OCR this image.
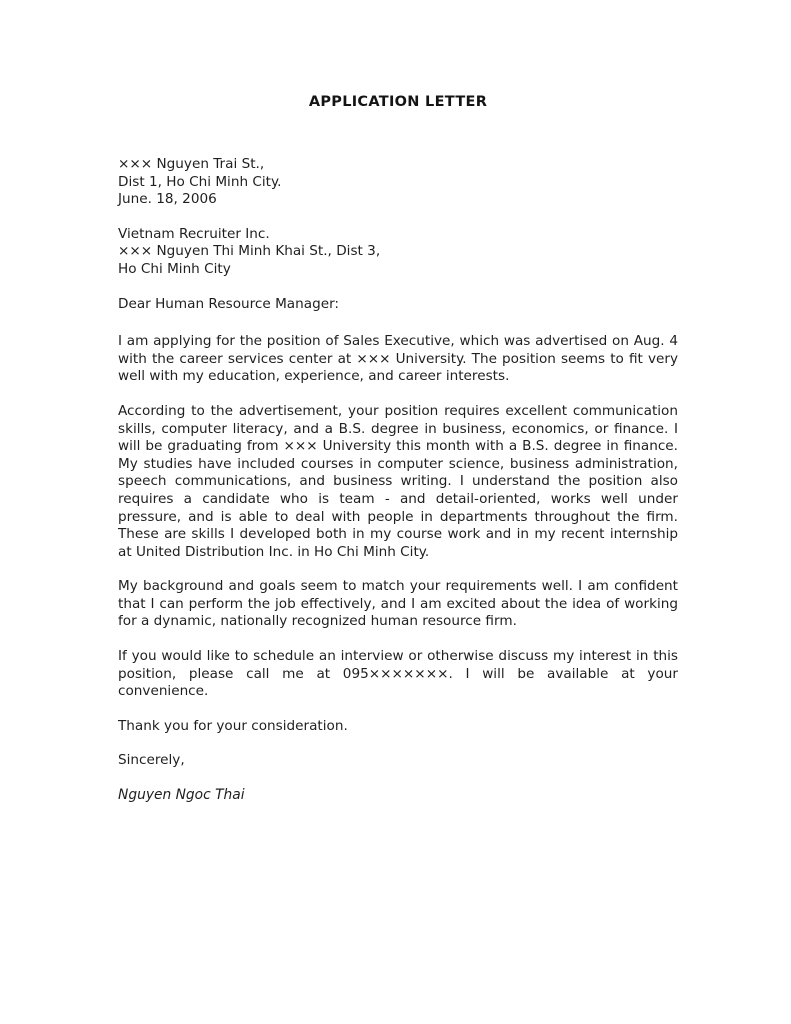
APPLICATION LETTER
××× Nguyen Trai St.,
Dist 1, Ho Chi Minh City.
June. 18, 2006
Vietnam Recruiter Inc.
××× Nguyen Thi Minh Khai St., Dist 3,
Ho Chi Minh City

Dear Human Resource Manager:

I am applying for the position of Sales Executive, which was advertised on Aug. 4 with the career services center at ××× University. The position seems to fit very well with my education, experience, and career interests.

According to the advertisement, your position requires excellent communication skills, computer literacy, and a B.S. degree in business, economics, or finance. I will be graduating from ××× University this month with a B.S. degree in finance. My studies have included courses in computer science, business administration, speech communications, and business writing. I understand the position also requires a candidate who is team - and detail-oriented, works well under pressure, and is able to deal with people in departments throughout the firm. These are skills I developed both in my course work and in my recent internship at United Distribution Inc. in Ho Chi Minh City.

My background and goals seem to match your requirements well. I am confident that I can perform the job effectively, and I am excited about the idea of working for a dynamic, nationally recognized human resource firm.

If you would like to schedule an interview or otherwise discuss my interest in this position, please call me at 095×××××××. I will be available at your convenience.

Thank you for your consideration.

Sincerely,

Nguyen Ngoc Thai
